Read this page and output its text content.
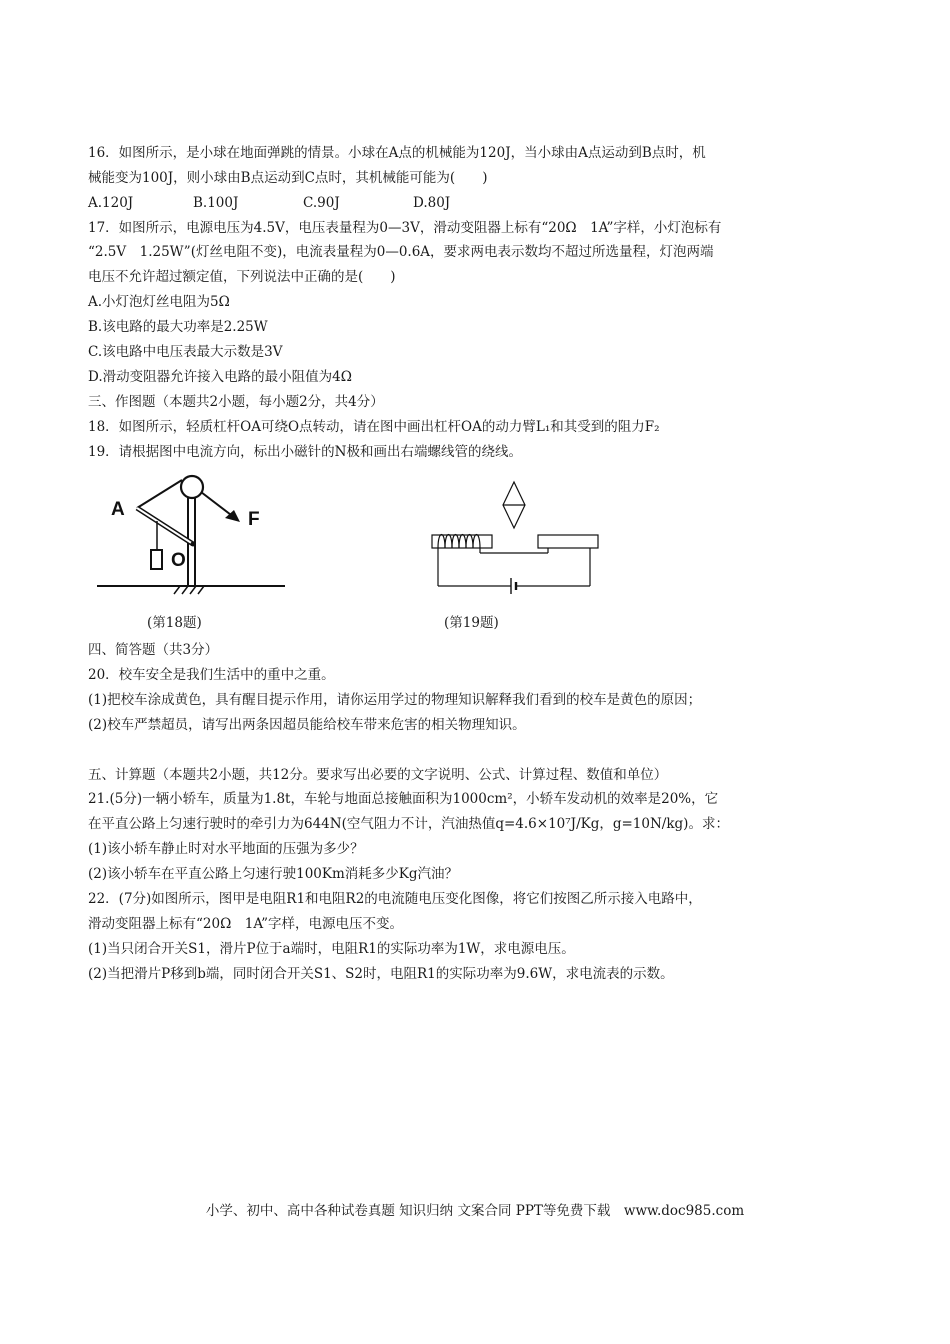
16．如图所示，是小球在地面弹跳的情景。小球在A点的机械能为120J，当小球由A点运动到B点时，机
械能变为100J，则小球由B点运动到C点时，其机械能可能为(　　)
A.120J	B.100J	C.90J	D.80J
17．如图所示，电源电压为4.5V，电压表量程为0—3V，滑动变阻器上标有“20Ω　1A”字样，小灯泡标有
“2.5V　1.25W”(灯丝电阻不变)，电流表量程为0—0.6A，要求两电表示数均不超过所选量程，灯泡两端
电压不允许超过额定值，下列说法中正确的是(　　)
A.小灯泡灯丝电阻为5Ω
B.该电路的最大功率是2.25W
C.该电路中电压表最大示数是3V
D.滑动变阻器允许接入电路的最小阻值为4Ω
三、作图题（本题共2小题，每小题2分，共4分）
18．如图所示，轻质杠杆OA可绕O点转动，请在图中画出杠杆OA的动力臂L₁和其受到的阻力F₂
19．请根据图中电流方向，标出小磁针的N极和画出右端螺线管的绕线。
A
O
F
(第18题)	(第19题)
四、简答题（共3分）
20．校车安全是我们生活中的重中之重。
(1)把校车涂成黄色，具有醒目提示作用，请你运用学过的物理知识解释我们看到的校车是黄色的原因；
(2)校车严禁超员，请写出两条因超员能给校车带来危害的相关物理知识。
五、计算题（本题共2小题，共12分。要求写出必要的文字说明、公式、计算过程、数值和单位）
21.(5分)一辆小轿车，质量为1.8t，车轮与地面总接触面积为1000cm²，小轿车发动机的效率是20%，它
在平直公路上匀速行驶时的牵引力为644N(空气阻力不计，汽油热值q=4.6×10⁷J/Kg，g=10N/kg)。求：
(1)该小轿车静止时对水平地面的压强为多少？
(2)该小轿车在平直公路上匀速行驶100Km消耗多少Kg汽油？
22．(7分)如图所示，图甲是电阻R1和电阻R2的电流随电压变化图像，将它们按图乙所示接入电路中，
滑动变阻器上标有“20Ω　1A”字样，电源电压不变。
(1)当只闭合开关S1，滑片P位于a端时，电阻R1的实际功率为1W，求电源电压。
(2)当把滑片P移到b端，同时闭合开关S1、S2时，电阻R1的实际功率为9.6W，求电流表的示数。
小学、初中、高中各种试卷真题 知识归纳 文案合同 PPT等免费下载　www.doc985.com
